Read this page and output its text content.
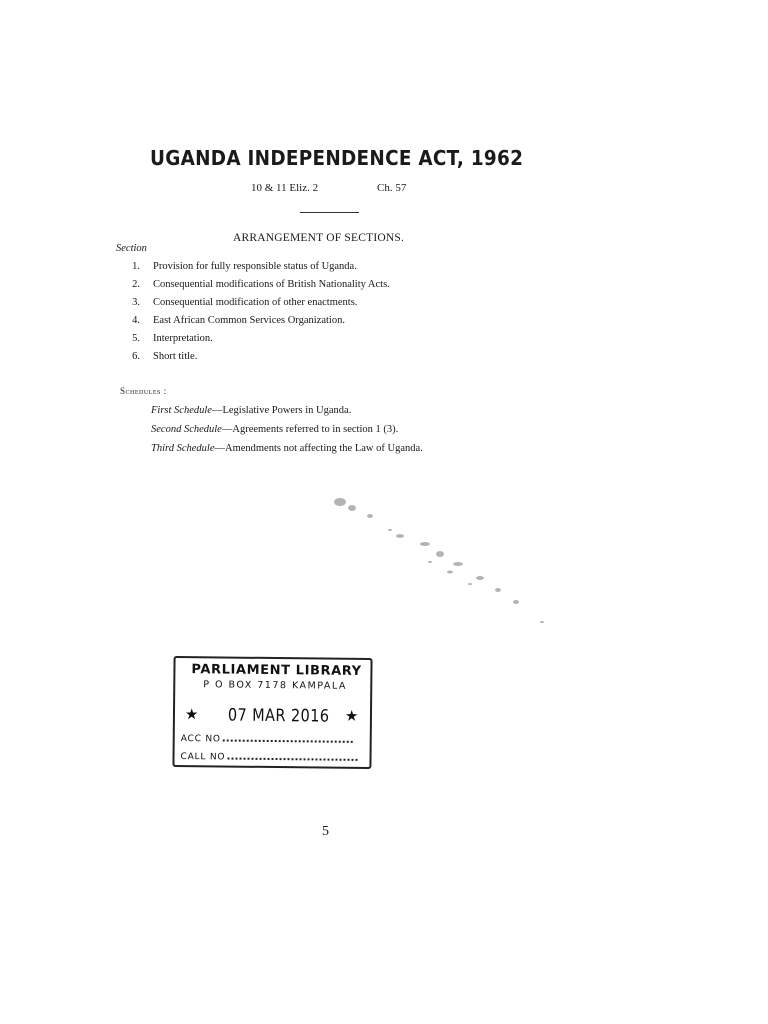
UGANDA INDEPENDENCE ACT, 1962
10 & 11 Eliz. 2	Ch. 57
ARRANGEMENT OF SECTIONS.
Section
1. Provision for fully responsible status of Uganda.
2. Consequential modifications of British Nationality Acts.
3. Consequential modification of other enactments.
4. East African Common Services Organization.
5. Interpretation.
6. Short title.
Schedules :
First Schedule—Legislative Powers in Uganda.
Second Schedule—Agreements referred to in section 1 (3).
Third Schedule—Amendments not affecting the Law of Uganda.
PARLIAMENT LIBRARY
P O BOX 7178 KAMPALA
★ 07 MAR 2016 ★
ACC NO
CALL NO
5
